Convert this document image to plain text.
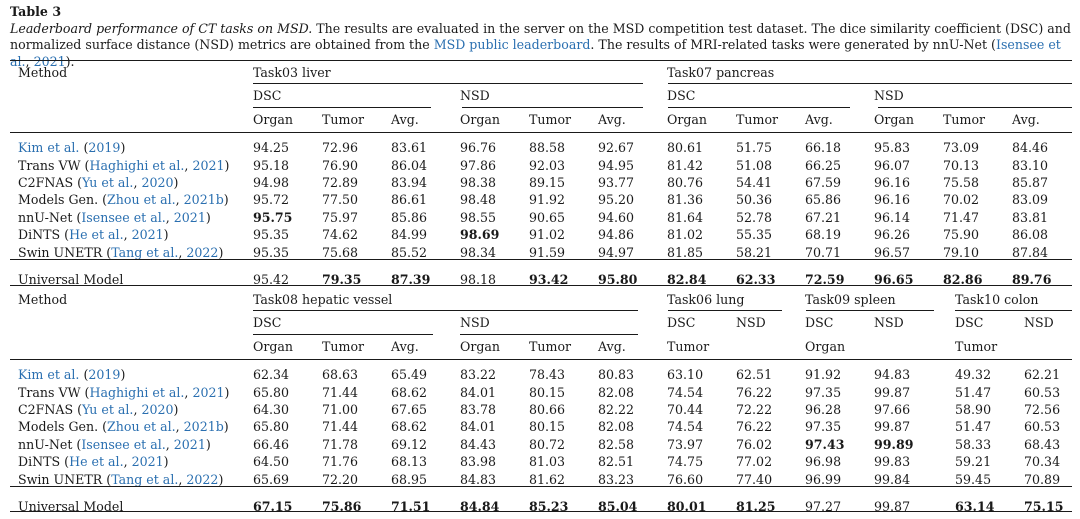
Table 3
Leaderboard performance of CT tasks on MSD. The results are evaluated in the server on the MSD competition test dataset. The dice similarity coefficient (DSC) and normalized surface distance (NSD) metrics are obtained from the MSD public leaderboard. The results of MRI-related tasks were generated by nnU-Net (Isensee et al., 2021).
Method	Task03 liver						Task07 pancreas					
	DSC			NSD			DSC			NSD		
	Organ	Tumor	Avg.	Organ	Tumor	Avg.	Organ	Tumor	Avg.	Organ	Tumor	Avg.

Kim et al. (2019)	94.25	72.96	83.61	96.76	88.58	92.67	80.61	51.75	66.18	95.83	73.09	84.46
Trans VW (Haghighi et al., 2021)	95.18	76.90	86.04	97.86	92.03	94.95	81.42	51.08	66.25	96.07	70.13	83.10
C2FNAS (Yu et al., 2020)	94.98	72.89	83.94	98.38	89.15	93.77	80.76	54.41	67.59	96.16	75.58	85.87
Models Gen. (Zhou et al., 2021b)	95.72	77.50	86.61	98.48	91.92	95.20	81.36	50.36	65.86	96.16	70.02	83.09
nnU-Net (Isensee et al., 2021)	95.75	75.97	85.86	98.55	90.65	94.60	81.64	52.78	67.21	96.14	71.47	83.81
DiNTS (He et al., 2021)	95.35	74.62	84.99	98.69	91.02	94.86	81.02	55.35	68.19	96.26	75.90	86.08
Swin UNETR (Tang et al., 2022)	95.35	75.68	85.52	98.34	91.59	94.97	81.85	58.21	70.71	96.57	79.10	87.84

Universal Model	95.42	79.35	87.39	98.18	93.42	95.80	82.84	62.33	72.59	96.65	82.86	89.76
Method	Task08 hepatic vessel						Task06 lung		Task09 spleen		Task10 colon	
	DSC			NSD			DSC	NSD	DSC	NSD	DSC	NSD
	Organ	Tumor	Avg.	Organ	Tumor	Avg.	Tumor		Organ		Tumor	

Kim et al. (2019)	62.34	68.63	65.49	83.22	78.43	80.83	63.10	62.51	91.92	94.83	49.32	62.21
Trans VW (Haghighi et al., 2021)	65.80	71.44	68.62	84.01	80.15	82.08	74.54	76.22	97.35	99.87	51.47	60.53
C2FNAS (Yu et al., 2020)	64.30	71.00	67.65	83.78	80.66	82.22	70.44	72.22	96.28	97.66	58.90	72.56
Models Gen. (Zhou et al., 2021b)	65.80	71.44	68.62	84.01	80.15	82.08	74.54	76.22	97.35	99.87	51.47	60.53
nnU-Net (Isensee et al., 2021)	66.46	71.78	69.12	84.43	80.72	82.58	73.97	76.02	97.43	99.89	58.33	68.43
DiNTS (He et al., 2021)	64.50	71.76	68.13	83.98	81.03	82.51	74.75	77.02	96.98	99.83	59.21	70.34
Swin UNETR (Tang et al., 2022)	65.69	72.20	68.95	84.83	81.62	83.23	76.60	77.40	96.99	99.84	59.45	70.89

Universal Model	67.15	75.86	71.51	84.84	85.23	85.04	80.01	81.25	97.27	99.87	63.14	75.15
